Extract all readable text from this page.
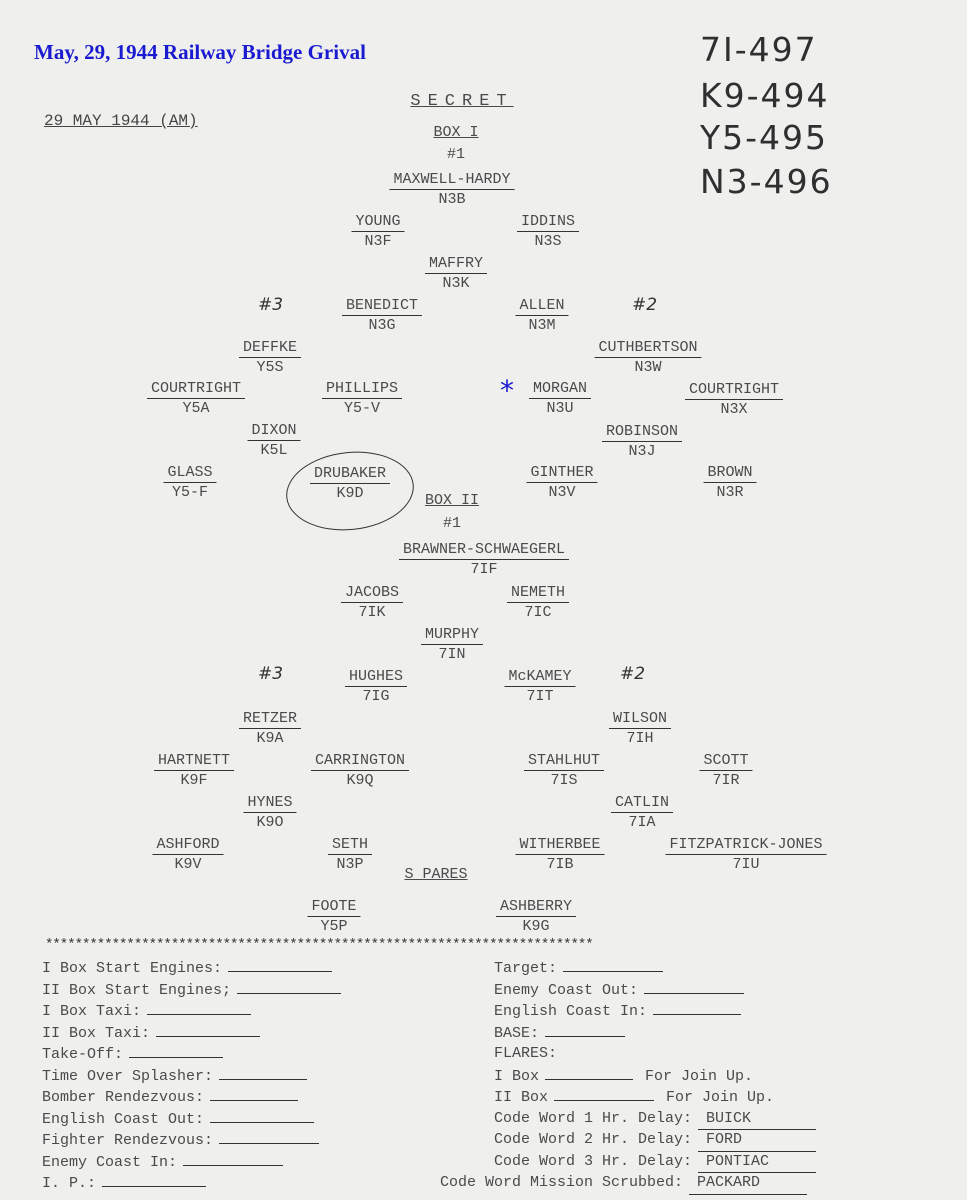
May, 29, 1944 Railway Bridge Grival	7I-497
K9-494
Y5-495
N3-496
29 MAY 1944 (AM)
SECRET
BOX I
#1
#3	#2
MAXWELL-HARDY
N3B
YOUNG
N3F
IDDINS
N3S
MAFFRY
N3K
BENEDICT
N3G
ALLEN
N3M
DEFFKE
Y5S
CUTHBERTSON
N3W
COURTRIGHT
Y5A
PHILLIPS
Y5-V
MORGAN
N3U
COURTRIGHT
N3X
DIXON
K5L
ROBINSON
N3J
GLASS
Y5-F
DRUBAKER
K9D
GINTHER
N3V
BROWN
N3R
*
BOX II
#1
#3	#2
BRAWNER-SCHWAEGERL
7IF
JACOBS
7IK
NEMETH
7IC
MURPHY
7IN
HUGHES
7IG
McKAMEY
7IT
RETZER
K9A
WILSON
7IH
HARTNETT
K9F
CARRINGTON
K9Q
STAHLHUT
7IS
SCOTT
7IR
HYNES
K9O
CATLIN
7IA
ASHFORD
K9V
SETH
N3P
WITHERBEE
7IB
FITZPATRICK-JONES
7IU
FOOTE
Y5P
ASHBERRY
K9G
S PARES
**************************************************************************
I Box Start Engines:
II Box Start Engines;
I Box Taxi:
II Box Taxi:
Take-Off:
Time Over Splasher:
Bomber Rendezvous:
English Coast Out:
Fighter Rendezvous:
Enemy Coast In:
I. P.:
Target:
Enemy Coast Out:
English Coast In:
BASE:
FLARES:
I Box	For Join Up.
II Box	For Join Up.
Code Word 1 Hr. Delay: BUICK
Code Word 2 Hr. Delay: FORD
Code Word 3 Hr. Delay: PONTIAC
Code Word Mission Scrubbed: PACKARD
